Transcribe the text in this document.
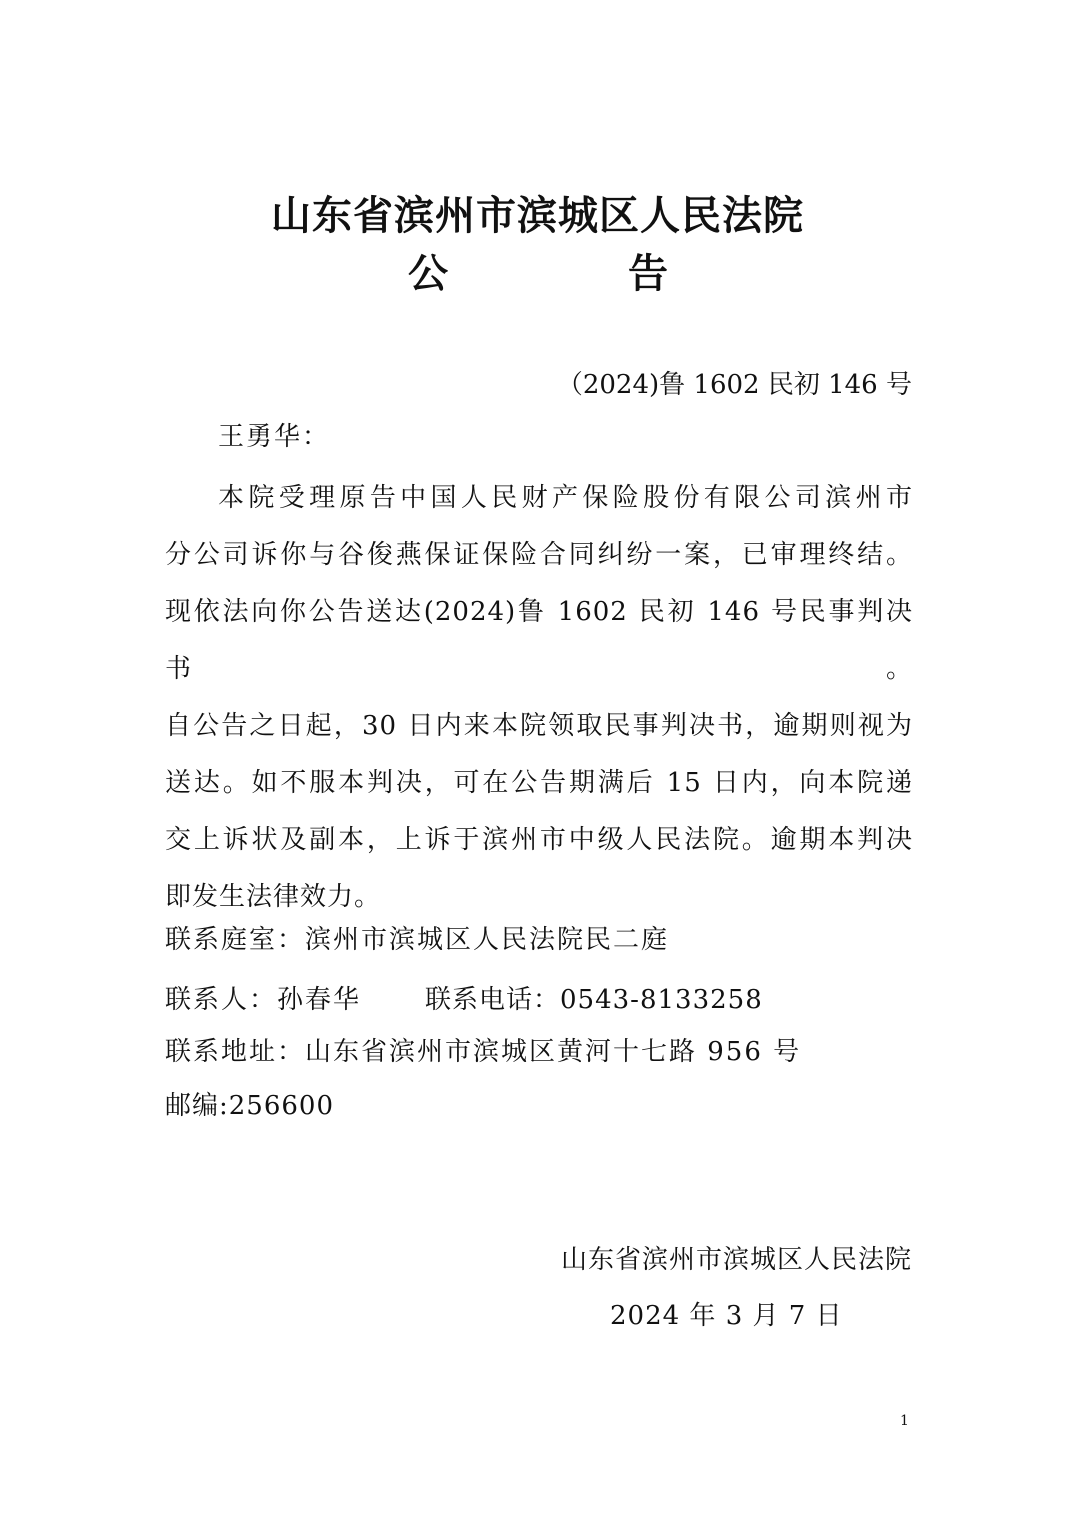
山东省滨州市滨城区人民法院
公	告
（2024)鲁 1602 民初 146 号
王勇华：

本院受理原告中国人民财产保险股份有限公司滨州市

分公司诉你与谷俊燕保证保险合同纠纷一案，已审理终结。

现依法向你公告送达(2024)鲁 1602 民初 146 号民事判决书。

自公告之日起，30 日内来本院领取民事判决书，逾期则视为

送达。如不服本判决，可在公告期满后 15 日内，向本院递

交上诉状及副本，上诉于滨州市中级人民法院。逾期本判决

即发生法律效力。

联系庭室：滨州市滨城区人民法院民二庭
联系人：孙春华 联系电话：0543-8133258
联系地址：山东省滨州市滨城区黄河十七路 956 号
邮编:256600
山东省滨州市滨城区人民法院
2024 年 3 月 7 日
1
